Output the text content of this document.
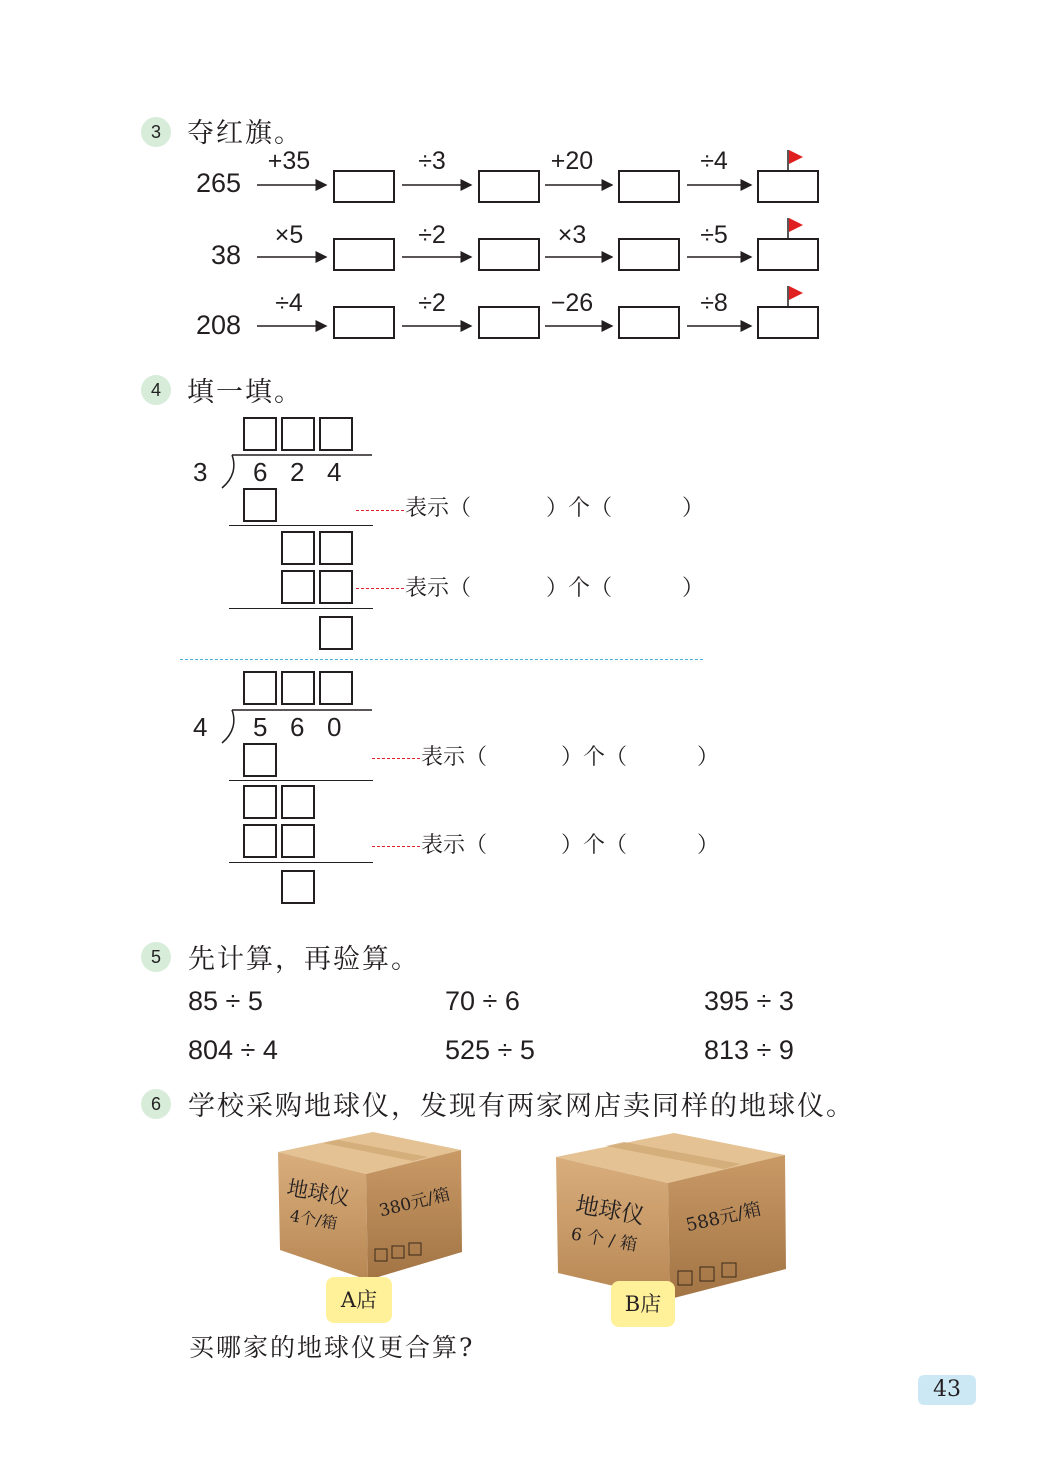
3 夺红旗。
265
+35	÷3	+20	÷4
38
×5	÷2	×3	÷5
208
÷4	÷2	−26	÷8
4 填一填。
3 6 2 4
表示（	）个（	）
表示（	）个（	）
4 5 6 0
表示（	）个（	）
表示（	）个（	）
5	先计算，再验算。
85 ÷ 5	70 ÷ 6	395 ÷ 3
804 ÷ 4	525 ÷ 5	813 ÷ 9
6	学校采购地球仪，发现有两家网店卖同样的地球仪。
地球仪
4个/箱 380元/箱
A店
地球仪
6 个 / 箱
588元/箱
B店
买哪家的地球仪更合算?
43
